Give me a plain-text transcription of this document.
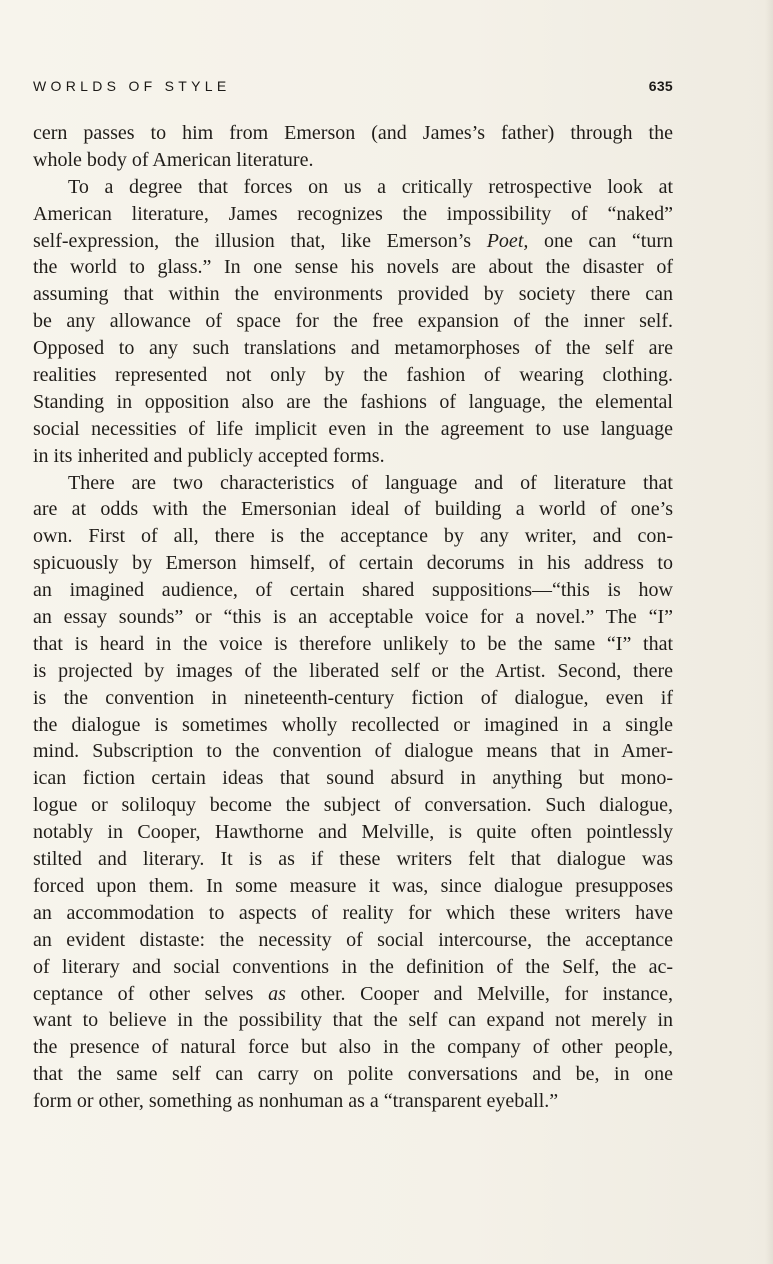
WORLDS OF STYLE	635
cern passes to him from Emerson (and James’s father) through the
whole body of American literature.
To a degree that forces on us a critically retrospective look at
American literature, James recognizes the impossibility of “naked”
self-expression, the illusion that, like Emerson’s Poet, one can “turn
the world to glass.” In one sense his novels are about the disaster of
assuming that within the environments provided by society there can
be any allowance of space for the free expansion of the inner self.
Opposed to any such translations and metamorphoses of the self are
realities represented not only by the fashion of wearing clothing.
Standing in opposition also are the fashions of language, the elemental
social necessities of life implicit even in the agreement to use language
in its inherited and publicly accepted forms.
There are two characteristics of language and of literature that
are at odds with the Emersonian ideal of building a world of one’s
own. First of all, there is the acceptance by any writer, and con-
spicuously by Emerson himself, of certain decorums in his address to
an imagined audience, of certain shared suppositions—“this is how
an essay sounds” or “this is an acceptable voice for a novel.” The “I”
that is heard in the voice is therefore unlikely to be the same “I” that
is projected by images of the liberated self or the Artist. Second, there
is the convention in nineteenth-century fiction of dialogue, even if
the dialogue is sometimes wholly recollected or imagined in a single
mind. Subscription to the convention of dialogue means that in Amer-
ican fiction certain ideas that sound absurd in anything but mono-
logue or soliloquy become the subject of conversation. Such dialogue,
notably in Cooper, Hawthorne and Melville, is quite often pointlessly
stilted and literary. It is as if these writers felt that dialogue was
forced upon them. In some measure it was, since dialogue presupposes
an accommodation to aspects of reality for which these writers have
an evident distaste: the necessity of social intercourse, the acceptance
of literary and social conventions in the definition of the Self, the ac-
ceptance of other selves as other. Cooper and Melville, for instance,
want to believe in the possibility that the self can expand not merely in
the presence of natural force but also in the company of other people,
that the same self can carry on polite conversations and be, in one
form or other, something as nonhuman as a “transparent eyeball.”
